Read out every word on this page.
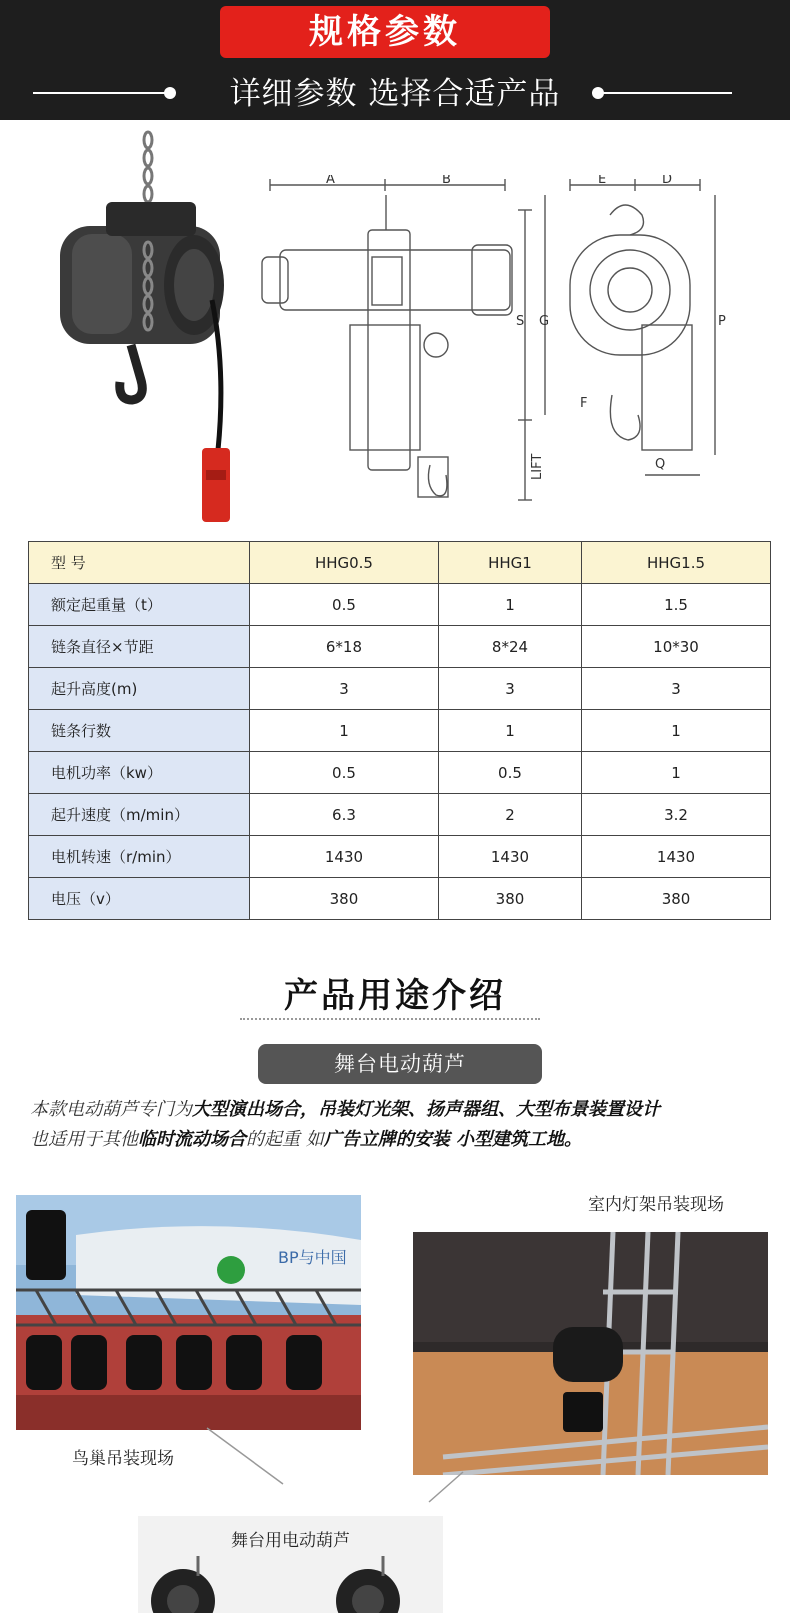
规格参数
详细参数 选择合适产品
A	B	E	D
S G	P
F
Q
LIFT
型 号	HHG0.5	HHG1	HHG1.5
额定起重量（t）	0.5	1	1.5
链条直径×节距	6*18	8*24	10*30
起升高度(m)	3	3	3
链条行数	1	1	1
电机功率（kw）	0.5	0.5	1
起升速度（m/min）	6.3	2	3.2
电机转速（r/min）	1430	1430	1430
电压（v）	380	380	380
产品用途介绍
舞台电动葫芦
本款电动葫芦专门为大型演出场合，吊装灯光架、扬声器组、大型布景装置设计
也适用于其他临时流动场合的起重 如广告立牌的安装 小型建筑工地。
BP与中国
鸟巢吊装现场
室内灯架吊装现场
舞台用电动葫芦
